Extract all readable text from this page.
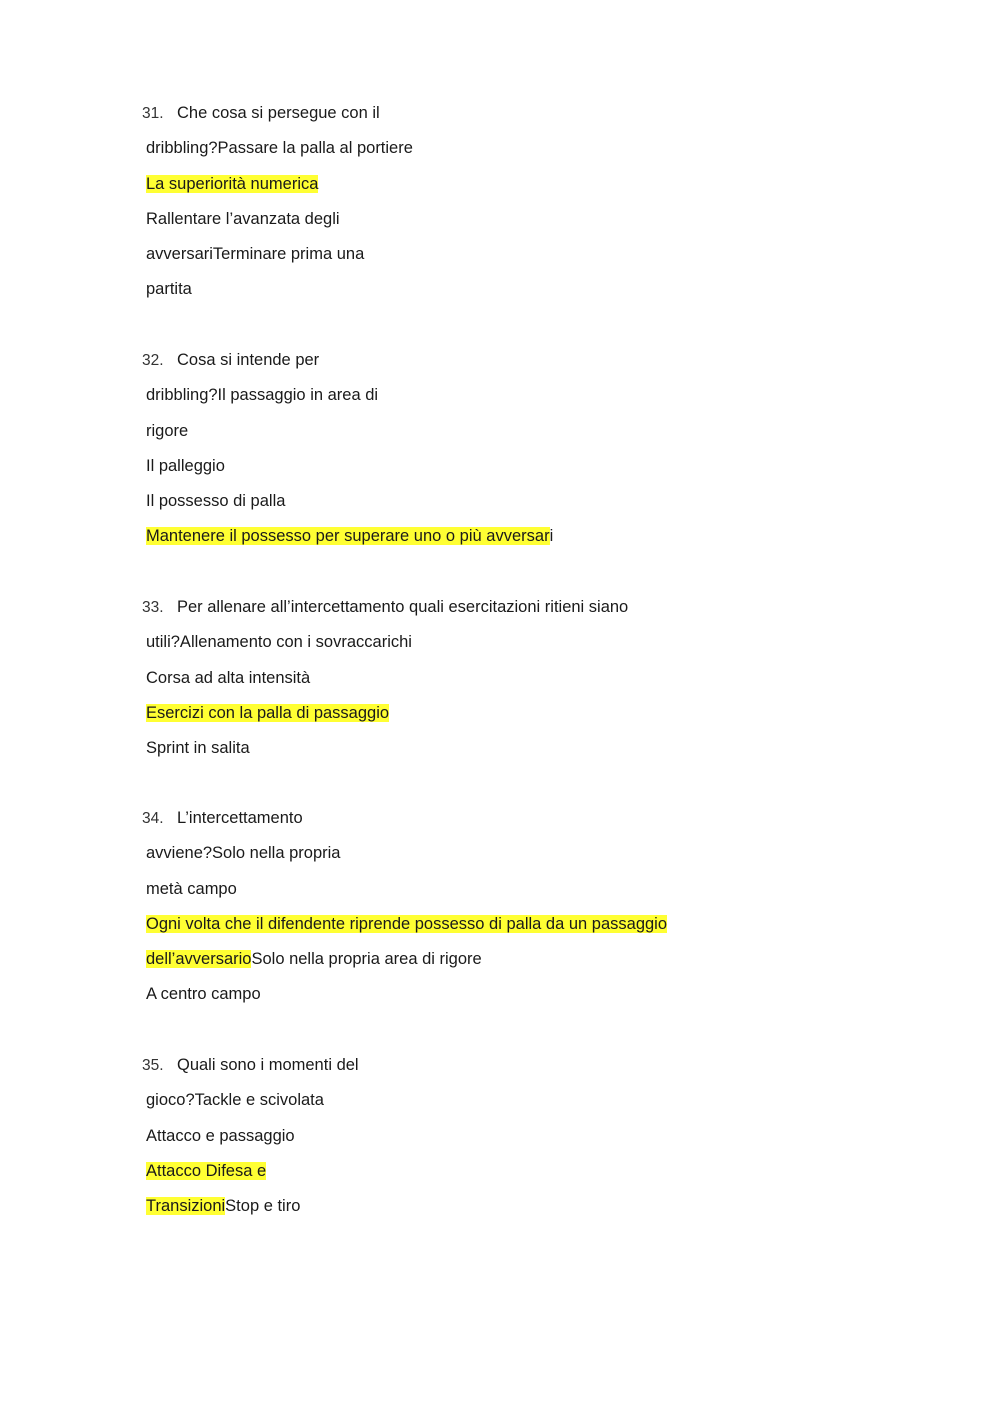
31. Che cosa si persegue con il
dribbling?Passare la palla al portiere
La superiorità numerica
Rallentare l’avanzata degli
avversariTerminare prima una
partita
32. Cosa si intende per
dribbling?Il passaggio in area di
rigore
Il palleggio
Il possesso di palla
Mantenere il possesso per superare uno o più avversari
33. Per allenare all’intercettamento quali esercitazioni ritieni siano
utili?Allenamento con i sovraccarichi
Corsa ad alta intensità
Esercizi con la palla di passaggio
Sprint in salita
34. L’intercettamento
avviene?Solo nella propria
metà campo
Ogni volta che il difendente riprende possesso di palla da un passaggio
dell’avversarioSolo nella propria area di rigore
A centro campo
35. Quali sono i momenti del
gioco?Tackle e scivolata
Attacco e passaggio
Attacco Difesa e
TransizioniStop e tiro
